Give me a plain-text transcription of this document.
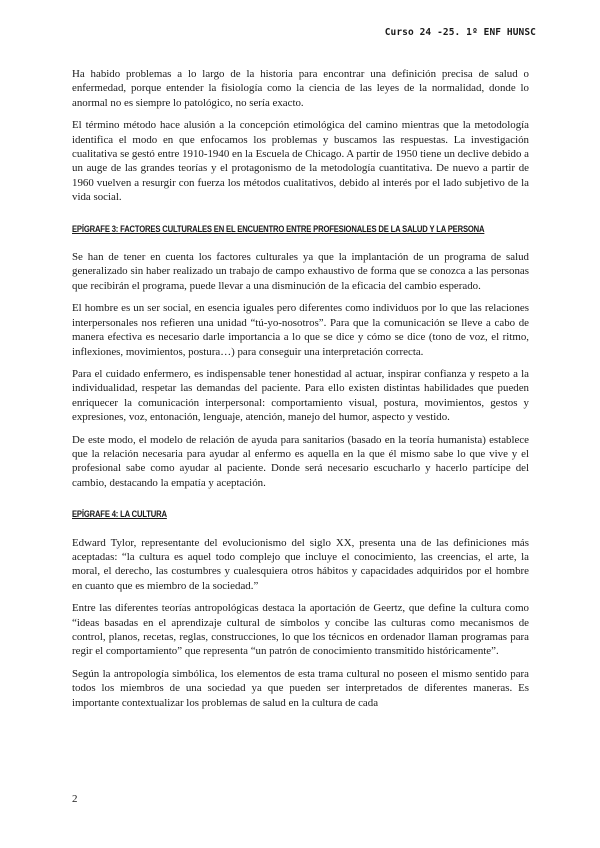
Curso 24 -25. 1º ENF HUNSC

Ha habido problemas a lo largo de la historia para encontrar una definición precisa de salud o enfermedad, porque entender la fisiología como la ciencia de las leyes de la normalidad, donde lo anormal no es siempre lo patológico, no sería exacto.

El término método hace alusión a la concepción etimológica del camino mientras que la metodología identifica el modo en que enfocamos los problemas y buscamos las respuestas. La investigación cualitativa se gestó entre 1910-1940 en la Escuela de Chicago. A partir de 1950 tiene un declive debido a un auge de las grandes teorías y el protagonismo de la metodología cuantitativa. De nuevo a partir de 1960 vuelven a resurgir con fuerza los métodos cualitativos, debido al interés por el lado subjetivo de la vida social.

EPÍGRAFE 3: FACTORES CULTURALES EN EL ENCUENTRO ENTRE PROFESIONALES DE LA SALUD Y LA PERSONA

Se han de tener en cuenta los factores culturales ya que la implantación de un programa de salud generalizado sin haber realizado un trabajo de campo exhaustivo de forma que se conozca a las personas que recibirán el programa, puede llevar a una disminución de la eficacia del cambio esperado.

El hombre es un ser social, en esencia iguales pero diferentes como individuos por lo que las relaciones interpersonales nos refieren una unidad “tú-yo-nosotros”. Para que la comunicación se lleve a cabo de manera efectiva es necesario darle importancia a lo que se dice y cómo se dice (tono de voz, el ritmo, inflexiones, movimientos, postura…) para conseguir una interpretación correcta.

Para el cuidado enfermero, es indispensable tener honestidad al actuar, inspirar confianza y respeto a la individualidad, respetar las demandas del paciente. Para ello existen distintas habilidades que pueden enriquecer la comunicación interpersonal: comportamiento visual, postura, movimientos, gestos y expresiones, voz, entonación, lenguaje, atención, manejo del humor, aspecto y vestido.

De este modo, el modelo de relación de ayuda para sanitarios (basado en la teoría humanista) establece que la relación necesaria para ayudar al enfermo es aquella en la que él mismo sabe lo que vive y el profesional sabe como ayudar al paciente. Donde será necesario escucharlo y hacerlo partícipe del cambio, destacando la empatía y aceptación.

EPÍGRAFE 4: LA CULTURA

Edward Tylor, representante del evolucionismo del siglo XX, presenta una de las definiciones más aceptadas: “la cultura es aquel todo complejo que incluye el conocimiento, las creencias, el arte, la moral, el derecho, las costumbres y cualesquiera otros hábitos y capacidades adquiridos por el hombre en cuanto que es miembro de la sociedad.”

Entre las diferentes teorías antropológicas destaca la aportación de Geertz, que define la cultura como “ideas basadas en el aprendizaje cultural de símbolos y concibe las culturas como mecanismos de control, planos, recetas, reglas, construcciones, lo que los técnicos en ordenador llaman programas para regir el comportamiento” que representa “un patrón de conocimiento transmitido históricamente”.

Según la antropología simbólica, los elementos de esta trama cultural no poseen el mismo sentido para todos los miembros de una sociedad ya que pueden ser interpretados de diferentes maneras. Es importante contextualizar los problemas de salud en la cultura de cada

2
